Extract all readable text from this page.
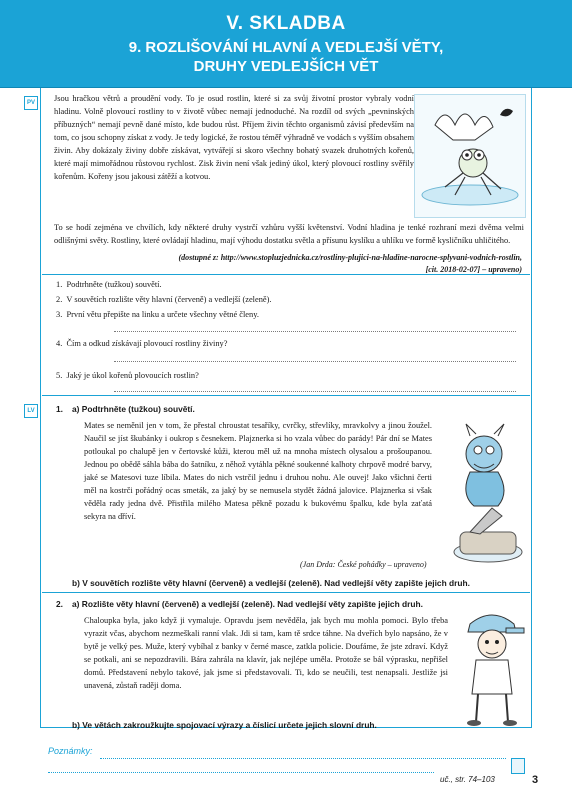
V. SKLADBA
9. ROZLIŠOVÁNÍ HLAVNÍ A VEDLEJŠÍ VĚTY,
DRUHY VEDLEJŠÍCH VĚT
PV	Jsou hračkou větrů a proudění vody. To je osud rostlin, které si za svůj životní prostor vybraly vodní hladinu. Volně plovoucí rostliny to v životě vůbec nemají jednoduché. Na rozdíl od svých „pevninských příbuzných“ nemají pevně dané místo, kde budou růst. Příjem živin těchto organismů závisí především na tom, co jsou schopny získat z vody. Je tedy logické, že rostou téměř výhradně ve vodách s vyšším obsahem živin. Aby dokázaly živiny dobře získávat, vytvářejí si skoro všechny bohatý svazek druhotných kořenů, které mají mimořádnou růstovou rychlost. Zisk živin není však jediný úkol, který plovoucí rostliny svěřily kořenům. Kořeny jsou jakousi zátěží a kotvou.
To se hodí zejména ve chvílích, kdy některé druhy vystrčí vzhůru vyšší květenství. Vodní hladina je tenké rozhraní mezi dvěma velmi odlišnými světy. Rostliny, které ovládají hladinu, mají výhodu dostatku světla a přísunu kyslíku a uhlíku ve formě kysličníku uhličitého.
(dostupné z: http://www.stopluzjednicka.cz/rostliny-plujici-na-hladine-narocne-splyvani-vodnich-rostlin,
[cit. 2018-02-07] – upraveno)
1. Podtrhněte (tužkou) souvětí.
2. V souvětích rozlište věty hlavní (červeně) a vedlejší (zeleně).
3. První větu přepište na linku a určete všechny větné členy.
4. Čím a odkud získávají plovoucí rostliny živiny?
5. Jaký je úkol kořenů plovoucích rostlin?
LV	1. a) Podtrhněte (tužkou) souvětí.
Mates se neměnil jen v tom, že přestal chroustat tesaříky, cvrčky, střevlíky, mravkolvy a jinou žoužel. Naučil se jíst škubánky i oukrop s česnekem. Plajznerka si ho vzala vůbec do parády! Pár dní se Mates potloukal po chalupě jen v čertovské kůži, kterou měl už na mnoha místech olysalou a prošoupanou. Jednou po obědě sáhla bába do šatníku, z něhož vytáhla pěkné soukenné kalhoty chrpově modré barvy, jaké se Matesovi tuze líbila. Mates do nich vstrčil jednu i druhou nohu. Ale ouvej! Jako všichni čerti měl na kostrči pořádný ocas smeták, za jaký by se nemusela stydět žádná jalovice. Plajznerka si však věděla rady jedna dvě. Přistřila milého Matesa pěkně pozadu k bukovému špalku, kde byla zaťatá sekyra na dříví.
(Jan Drda: České pohádky – upraveno)
b) V souvětích rozlište věty hlavní (červeně) a vedlejší (zeleně). Nad vedlejší věty zapište jejich druh.
2. a) Rozlište věty hlavní (červeně) a vedlejší (zeleně). Nad vedlejší věty zapište jejich druh.
Chaloupka byla, jako když ji vymaluje. Opravdu jsem nevěděla, jak bych mu mohla pomoci. Bylo třeba vyrazit včas, abychom nezmeškali ranní vlak. Jdi si tam, kam tě srdce táhne. Na dveřích bylo napsáno, že v bytě je velký pes. Muže, který vybíhal z banky v černé masce, zatkla policie. Doufáme, že jste zdraví. Když se potkali, ani se nepozdravili. Bára zahrála na klavír, jak nejlépe uměla. Protože se bál výprasku, nepřišel domů. Představení nebylo takové, jak jsme si představovali. Ti, kdo se neučili, test nenapsali. Jestliže jsi unavená, zůstaň raději doma.
b) Ve větách zakroužkujte spojovací výrazy a číslicí určete jejich slovní druh.
Poznámky:
uč., str. 74–103	3
